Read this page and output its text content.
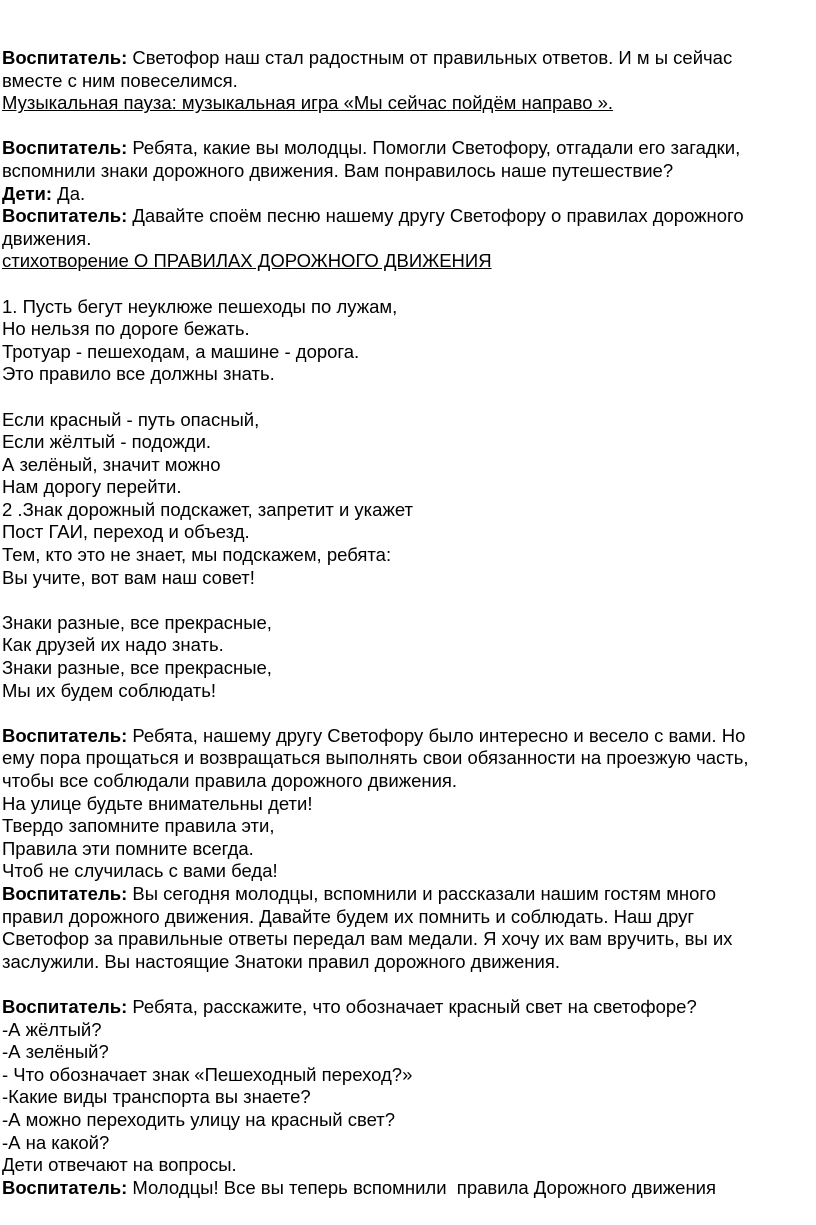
Воспитатель: Светофор наш стал радостным от правильных ответов. И м ы сейчас
вместе с ним повеселимся.
Музыкальная пауза: музыкальная игра «Мы сейчас пойдём направо ».
Воспитатель: Ребята, какие вы молодцы. Помогли Светофору, отгадали его загадки,
вспомнили знаки дорожного движения. Вам понравилось наше путешествие?
Дети: Да.
Воспитатель: Давайте споём песню нашему другу Светофору о правилах дорожного
движения.
стихотворение О ПРАВИЛАХ ДОРОЖНОГО ДВИЖЕНИЯ
1. Пусть бегут неуклюже пешеходы по лужам,
Но нельзя по дороге бежать.
Тротуар - пешеходам, а машине - дорога.
Это правило все должны знать.
Если красный - путь опасный,
Если жёлтый - подожди.
А зелёный, значит можно
Нам дорогу перейти.
2 .Знак дорожный подскажет, запретит и укажет
Пост ГАИ, переход и объезд.
Тем, кто это не знает, мы подскажем, ребята:
Вы учите, вот вам наш совет!
Знаки разные, все прекрасные,
Как друзей их надо знать.
Знаки разные, все прекрасные,
Мы их будем соблюдать!
Воспитатель: Ребята, нашему другу Светофору было интересно и весело с вами. Но
ему пора прощаться и возвращаться выполнять свои обязанности на проезжую часть,
чтобы все соблюдали правила дорожного движения.
На улице будьте внимательны дети!
Твердо запомните правила эти,
Правила эти помните всегда.
Чтоб не случилась с вами беда!
Воспитатель: Вы сегодня молодцы, вспомнили и рассказали нашим гостям много
правил дорожного движения. Давайте будем их помнить и соблюдать. Наш друг
Светофор за правильные ответы передал вам медали. Я хочу их вам вручить, вы их
заслужили. Вы настоящие Знатоки правил дорожного движения.
Воспитатель: Ребята, расскажите, что обозначает красный свет на светофоре?
-А жёлтый?
-А зелёный?
- Что обозначает знак «Пешеходный переход?»
-Какие виды транспорта вы знаете?
-А можно переходить улицу на красный свет?
-А на какой?
Дети отвечают на вопросы.
Воспитатель: Молодцы! Все вы теперь вспомнили  правила Дорожного движения
